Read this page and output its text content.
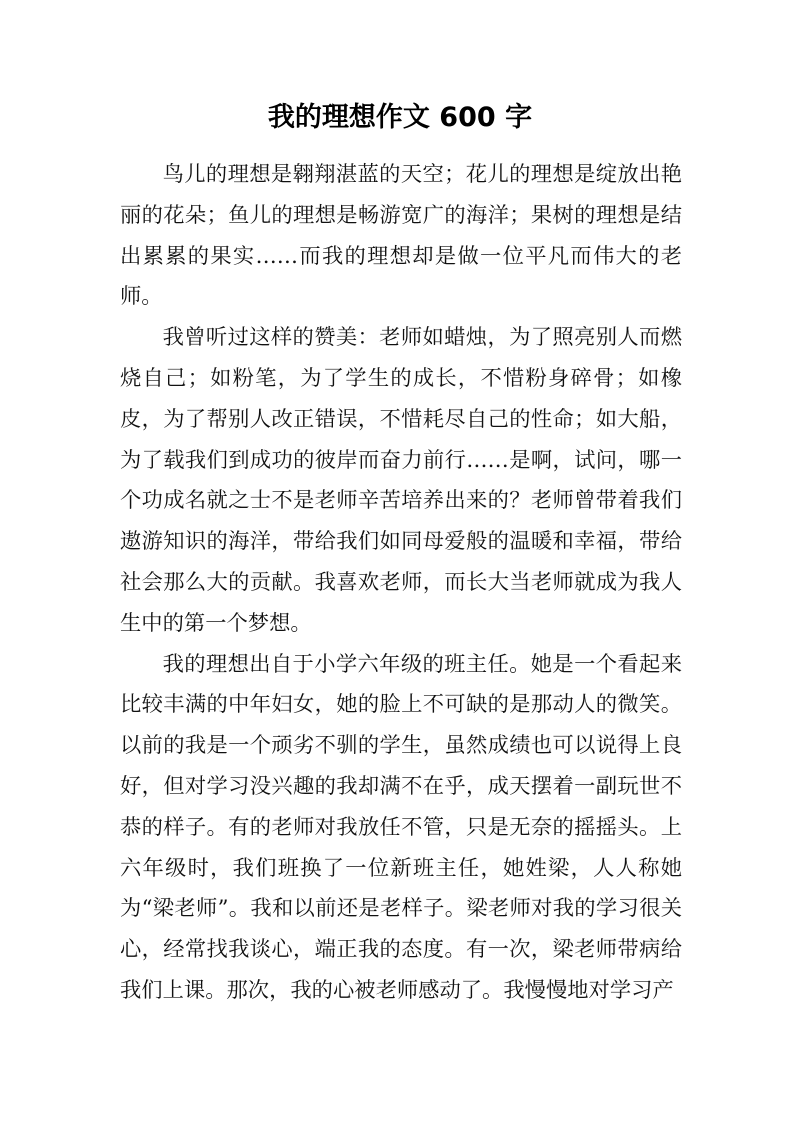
我的理想作文 600 字

鸟儿的理想是翱翔湛蓝的天空；花儿的理想是绽放出艳丽的花朵；鱼儿的理想是畅游宽广的海洋；果树的理想是结出累累的果实……而我的理想却是做一位平凡而伟大的老师。

我曾听过这样的赞美：老师如蜡烛，为了照亮别人而燃烧自己；如粉笔，为了学生的成长，不惜粉身碎骨；如橡皮，为了帮别人改正错误，不惜耗尽自己的性命；如大船，为了载我们到成功的彼岸而奋力前行……是啊，试问，哪一个功成名就之士不是老师辛苦培养出来的？老师曾带着我们遨游知识的海洋，带给我们如同母爱般的温暖和幸福，带给社会那么大的贡献。我喜欢老师，而长大当老师就成为我人生中的第一个梦想。

我的理想出自于小学六年级的班主任。她是一个看起来比较丰满的中年妇女，她的脸上不可缺的是那动人的微笑。以前的我是一个顽劣不驯的学生，虽然成绩也可以说得上良好，但对学习没兴趣的我却满不在乎，成天摆着一副玩世不恭的样子。有的老师对我放任不管，只是无奈的摇摇头。上六年级时，我们班换了一位新班主任，她姓梁，人人称她为“梁老师”。我和以前还是老样子。梁老师对我的学习很关心，经常找我谈心，端正我的态度。有一次，梁老师带病给我们上课。那次，我的心被老师感动了。我慢慢地对学习产
